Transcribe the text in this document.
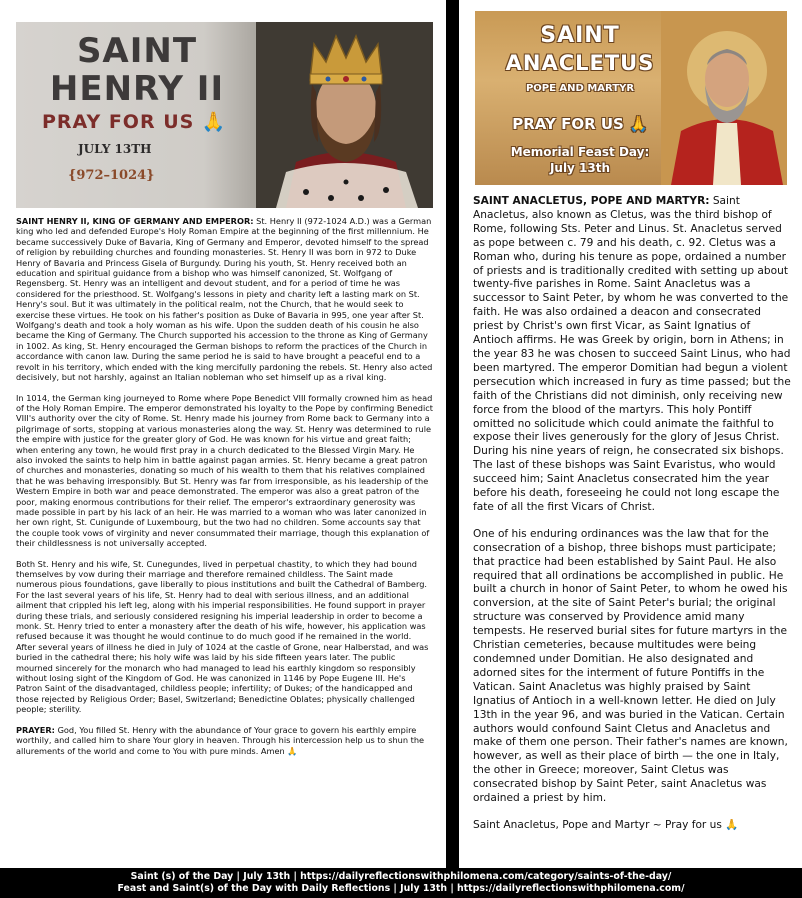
SAINT
HENRY II
PRAY FOR US 🙏
JULY 13TH
{972–1024}

SAINT HENRY II, KING OF GERMANY AND EMPEROR: St. Henry II (972-1024 A.D.) was a German king who led and defended Europe's Holy Roman Empire at the beginning of the first millennium. He became successively Duke of Bavaria, King of Germany and Emperor, devoted himself to the spread of religion by rebuilding churches and founding monasteries. St. Henry II was born in 972 to Duke Henry of Bavaria and Princess Gisela of Burgundy. During his youth, St. Henry received both an education and spiritual guidance from a bishop who was himself canonized, St. Wolfgang of Regensberg. St. Henry was an intelligent and devout student, and for a period of time he was considered for the priesthood. St. Wolfgang's lessons in piety and charity left a lasting mark on St. Henry's soul. But it was ultimately in the political realm, not the Church, that he would seek to exercise these virtues. He took on his father's position as Duke of Bavaria in 995, one year after St. Wolfgang's death and took a holy woman as his wife. Upon the sudden death of his cousin he also became the King of Germany. The Church supported his accession to the throne as King of Germany in 1002. As king, St. Henry encouraged the German bishops to reform the practices of the Church in accordance with canon law. During the same period he is said to have brought a peaceful end to a revolt in his territory, which ended with the king mercifully pardoning the rebels. St. Henry also acted decisively, but not harshly, against an Italian nobleman who set himself up as a rival king.

In 1014, the German king journeyed to Rome where Pope Benedict VIII formally crowned him as head of the Holy Roman Empire. The emperor demonstrated his loyalty to the Pope by confirming Benedict VIII's authority over the city of Rome. St. Henry made his journey from Rome back to Germany into a pilgrimage of sorts, stopping at various monasteries along the way. St. Henry was determined to rule the empire with justice for the greater glory of God. He was known for his virtue and great faith; when entering any town, he would first pray in a church dedicated to the Blessed Virgin Mary. He also invoked the saints to help him in battle against pagan armies. St. Henry became a great patron of churches and monasteries, donating so much of his wealth to them that his relatives complained that he was behaving irresponsibly. But St. Henry was far from irresponsible, as his leadership of the Western Empire in both war and peace demonstrated. The emperor was also a great patron of the poor, making enormous contributions for their relief. The emperor's extraordinary generosity was made possible in part by his lack of an heir. He was married to a woman who was later canonized in her own right, St. Cunigunde of Luxembourg, but the two had no children. Some accounts say that the couple took vows of virginity and never consummated their marriage, though this explanation of their childlessness is not universally accepted.

Both St. Henry and his wife, St. Cunegundes, lived in perpetual chastity, to which they had bound themselves by vow during their marriage and therefore remained childless. The Saint made numerous pious foundations, gave liberally to pious institutions and built the Cathedral of Bamberg. For the last several years of his life, St. Henry had to deal with serious illness, and an additional ailment that crippled his left leg, along with his imperial responsibilities. He found support in prayer during these trials, and seriously considered resigning his imperial leadership in order to become a monk. St. Henry tried to enter a monastery after the death of his wife, however, his application was refused because it was thought he would continue to do much good if he remained in the world. After several years of illness he died in July of 1024 at the castle of Grone, near Halberstad, and was buried in the cathedral there; his holy wife was laid by his side fifteen years later. The public mourned sincerely for the monarch who had managed to lead his earthly kingdom so responsibly without losing sight of the Kingdom of God. He was canonized in 1146 by Pope Eugene III. He's Patron Saint of the disadvantaged, childless people; infertility; of Dukes; of the handicapped and those rejected by Religious Order; Basel, Switzerland; Benedictine Oblates; physically challenged people; sterility.

PRAYER: God, You filled St. Henry with the abundance of Your grace to govern his earthly empire worthily, and called him to share Your glory in heaven. Through his intercession help us to shun the allurements of the world and come to You with pure minds. Amen 🙏

SAINT
ANACLETUS
POPE AND MARTYR
PRAY FOR US 🙏
Memorial Feast Day:
July 13th

SAINT ANACLETUS, POPE AND MARTYR: Saint Anacletus, also known as Cletus, was the third bishop of Rome, following Sts. Peter and Linus. St. Anacletus served as pope between c. 79 and his death, c. 92. Cletus was a Roman who, during his tenure as pope, ordained a number of priests and is traditionally credited with setting up about twenty-five parishes in Rome. Saint Anacletus was a successor to Saint Peter, by whom he was converted to the faith. He was also ordained a deacon and consecrated priest by Christ's own first Vicar, as Saint Ignatius of Antioch affirms. He was Greek by origin, born in Athens; in the year 83 he was chosen to succeed Saint Linus, who had been martyred. The emperor Domitian had begun a violent persecution which increased in fury as time passed; but the faith of the Christians did not diminish, only receiving new force from the blood of the martyrs. This holy Pontiff omitted no solicitude which could animate the faithful to expose their lives generously for the glory of Jesus Christ. During his nine years of reign, he consecrated six bishops. The last of these bishops was Saint Evaristus, who would succeed him; Saint Anacletus consecrated him the year before his death, foreseeing he could not long escape the fate of all the first Vicars of Christ.

One of his enduring ordinances was the law that for the consecration of a bishop, three bishops must participate; that practice had been established by Saint Paul. He also required that all ordinations be accomplished in public. He built a church in honor of Saint Peter, to whom he owed his conversion, at the site of Saint Peter's burial; the original structure was conserved by Providence amid many tempests. He reserved burial sites for future martyrs in the Christian cemeteries, because multitudes were being condemned under Domitian. He also designated and adorned sites for the interment of future Pontiffs in the Vatican. Saint Anacletus was highly praised by Saint Ignatius of Antioch in a well-known letter. He died on July 13th in the year 96, and was buried in the Vatican. Certain authors would confound Saint Cletus and Anacletus and make of them one person. Their father's names are known, however, as well as their place of birth — the one in Italy, the other in Greece; moreover, Saint Cletus was consecrated bishop by Saint Peter, saint Anacletus was ordained a priest by him.

Saint Anacletus, Pope and Martyr ~ Pray for us 🙏

Saint (s) of the Day | July 13th | https://dailyreflectionswithphilomena.com/category/saints-of-the-day/
Feast and Saint(s) of the Day with Daily Reflections | July 13th | https://dailyreflectionswithphilomena.com/
